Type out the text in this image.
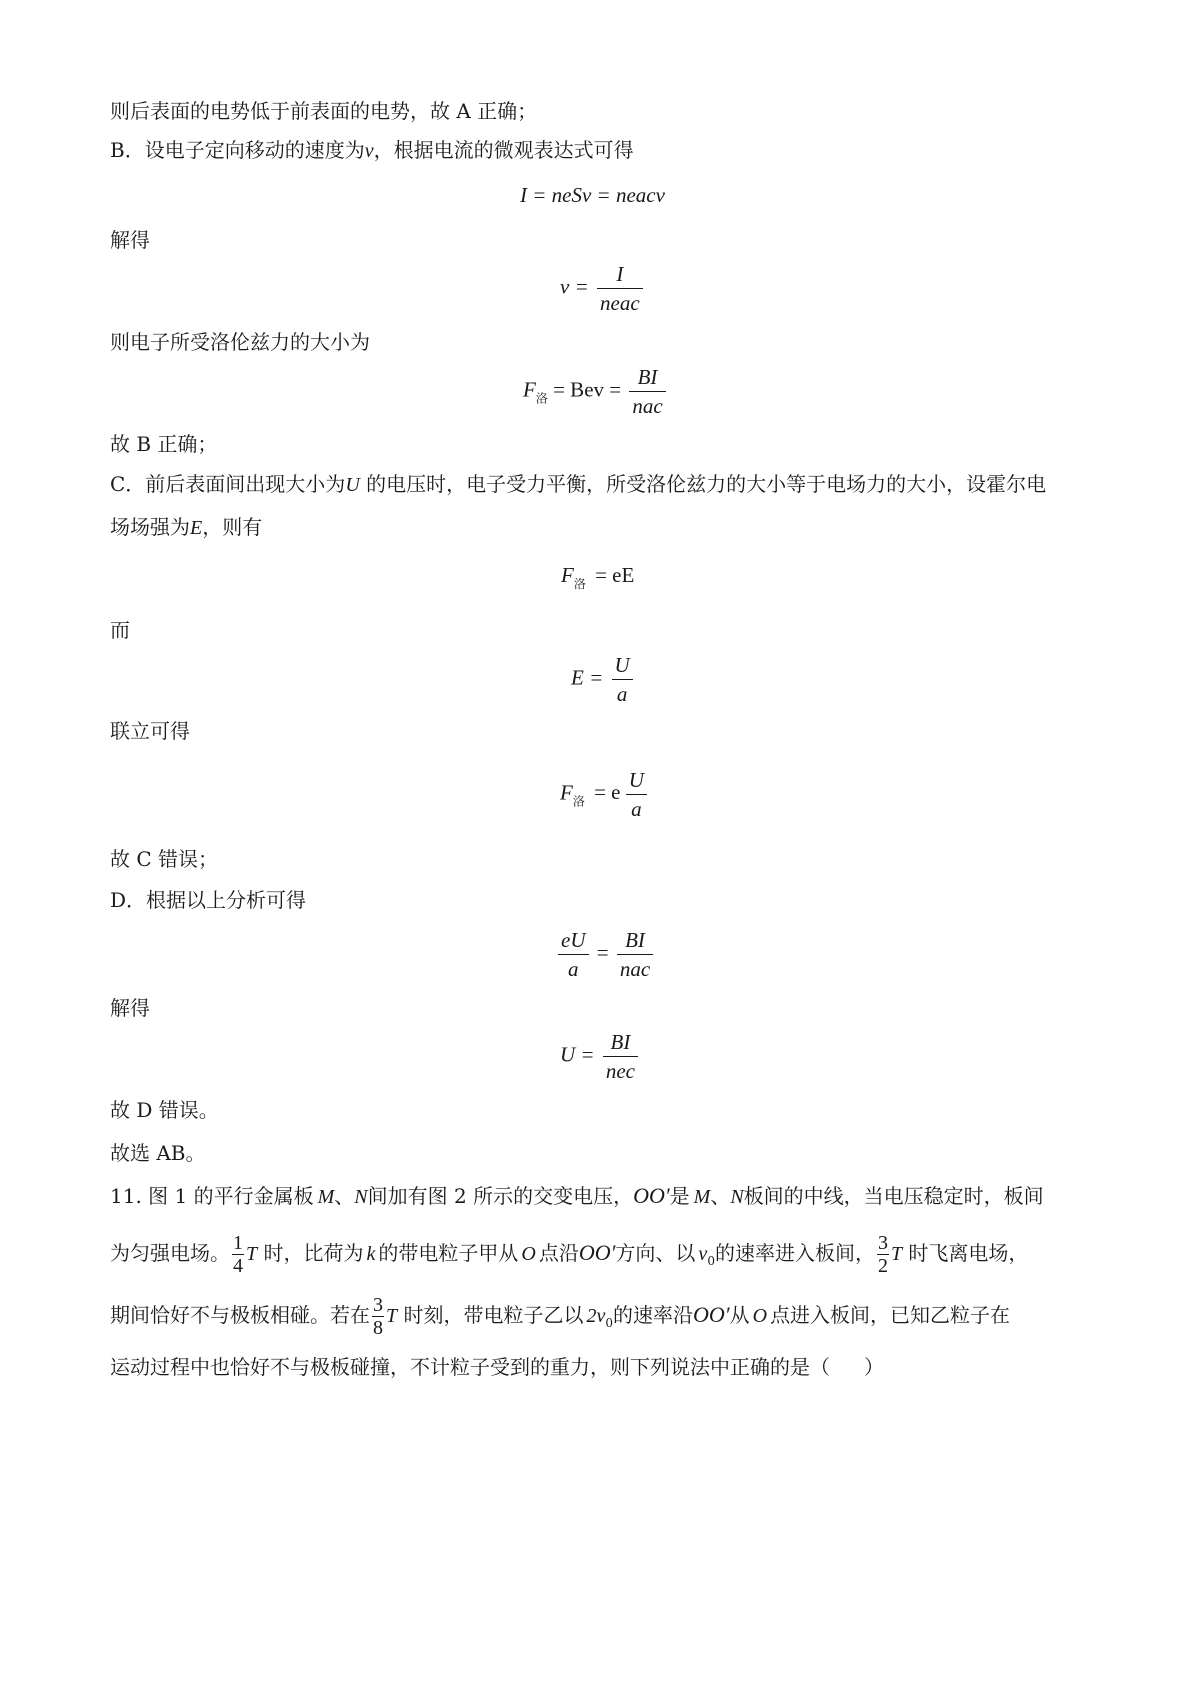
则后表面的电势低于前表面的电势，故 A 正确；
B．设电子定向移动的速度为v，根据电流的微观表达式可得
I = neSv = neacv
解得
$v = \frac{I}{\text{neac}}$
则电子所受洛伦兹力的大小为
$F_洛$ = Bev = $\frac{BI}{\text{nac}}$
故 B 正确；
C．前后表面间出现大小为U 的电压时，电子受力平衡，所受洛伦兹力的大小等于电场力的大小，设霍尔电
场场强为E，则有
$F_洛$ = eE
而
$E = \frac{U}{a}$
联立可得
$F_洛 = e \frac{U}{a}$
故 C 错误；
D．根据以上分析可得
$\frac{eU}{a} = \frac{BI}{\text{nac}}$
解得
$U = \frac{BI}{\text{nec}}$
故 D 错误。
故选 AB。
11. 图 1 的平行金属板 M、N间加有图 2 所示的交变电压，OO′是 M、N板间的中线，当电压稳定时，板间
为匀强电场。 $\frac{1}{4}$ T 时，比荷为 k 的带电粒子甲从 O 点沿OO′方向、以 $v_0$的速率进入板间， $\frac{3}{2}$ T 时飞离电场，
期间恰好不与极板相碰。若在 $\frac{3}{8}$ T 时刻，带电粒子乙以 $2v_0$的速率沿OO′从 O 点进入板间，已知乙粒子在
运动过程中也恰好不与极板碰撞，不计粒子受到的重力，则下列说法中正确的是（ ）
